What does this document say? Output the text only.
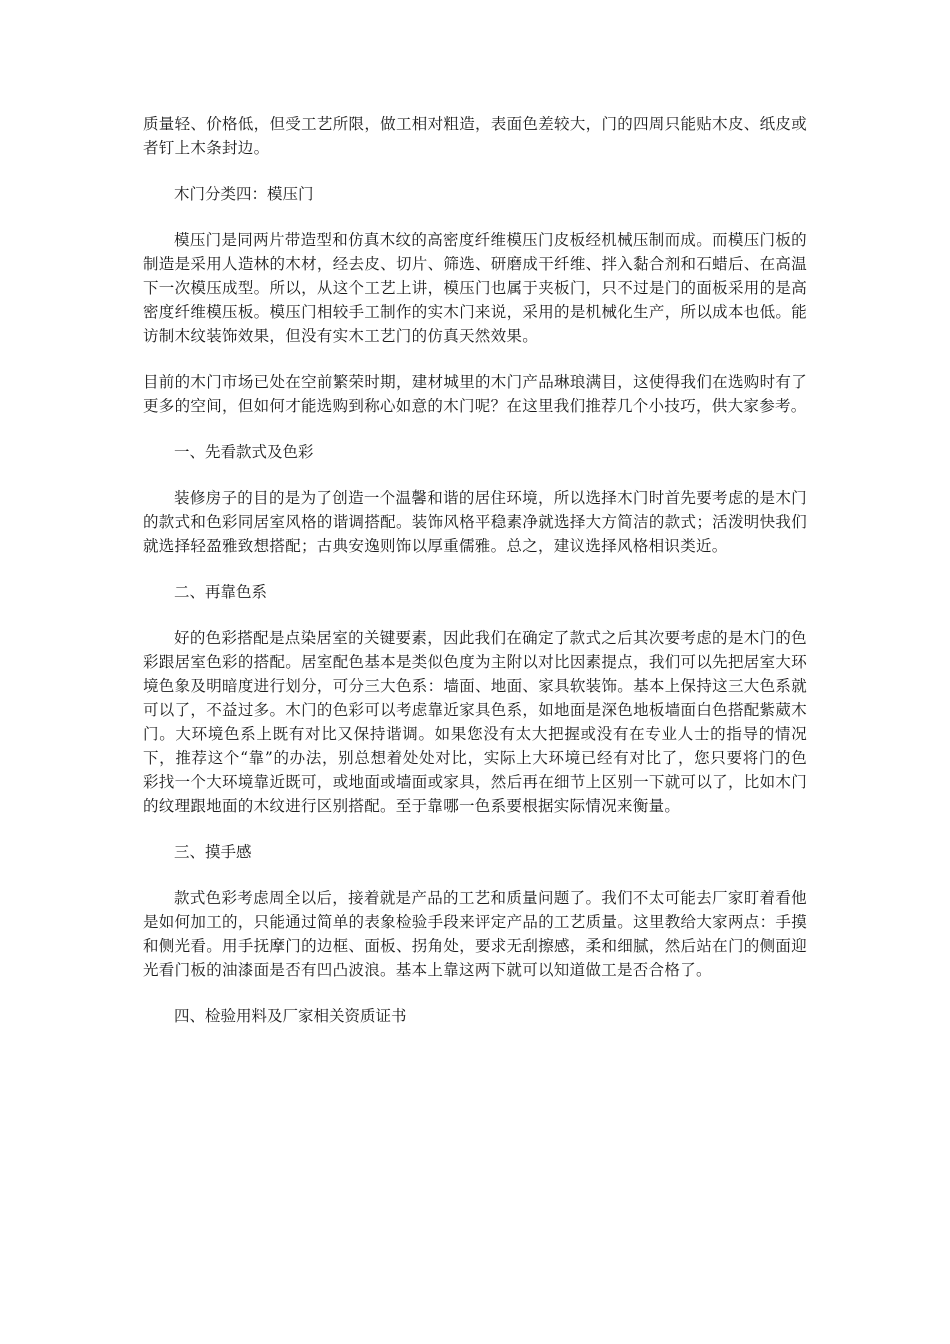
质量轻、价格低，但受工艺所限，做工相对粗造，表面色差较大，门的四周只能贴木皮、纸皮或者钉上木条封边。

木门分类四：模压门

模压门是同两片带造型和仿真木纹的高密度纤维模压门皮板经机械压制而成。而模压门板的制造是采用人造林的木材，经去皮、切片、筛选、研磨成干纤维、拌入黏合剂和石蜡后、在高温下一次模压成型。所以，从这个工艺上讲，模压门也属于夹板门，只不过是门的面板采用的是高密度纤维模压板。模压门相较手工制作的实木门来说，采用的是机械化生产，所以成本也低。能访制木纹装饰效果，但没有实木工艺门的仿真天然效果。

目前的木门市场已处在空前繁荣时期，建材城里的木门产品琳琅满目，这使得我们在选购时有了更多的空间，但如何才能选购到称心如意的木门呢？在这里我们推荐几个小技巧，供大家参考。

一、先看款式及色彩

装修房子的目的是为了创造一个温馨和谐的居住环境，所以选择木门时首先要考虑的是木门的款式和色彩同居室风格的谐调搭配。装饰风格平稳素净就选择大方简洁的款式；活泼明快我们就选择轻盈雅致想搭配；古典安逸则饰以厚重儒雅。总之，建议选择风格相识类近。

二、再靠色系

好的色彩搭配是点染居室的关键要素，因此我们在确定了款式之后其次要考虑的是木门的色彩跟居室色彩的搭配。居室配色基本是类似色度为主附以对比因素提点，我们可以先把居室大环境色象及明暗度进行划分，可分三大色系：墙面、地面、家具软装饰。基本上保持这三大色系就可以了，不益过多。木门的色彩可以考虑靠近家具色系，如地面是深色地板墙面白色搭配紫葳木门。大环境色系上既有对比又保持谐调。如果您没有太大把握或没有在专业人士的指导的情况下，推荐这个“靠”的办法，别总想着处处对比，实际上大环境已经有对比了，您只要将门的色彩找一个大环境靠近既可，或地面或墙面或家具，然后再在细节上区别一下就可以了，比如木门的纹理跟地面的木纹进行区别搭配。至于靠哪一色系要根据实际情况来衡量。

三、摸手感

款式色彩考虑周全以后，接着就是产品的工艺和质量问题了。我们不太可能去厂家盯着看他是如何加工的，只能通过简单的表象检验手段来评定产品的工艺质量。这里教给大家两点：手摸和侧光看。用手抚摩门的边框、面板、拐角处，要求无刮擦感，柔和细腻，然后站在门的侧面迎光看门板的油漆面是否有凹凸波浪。基本上靠这两下就可以知道做工是否合格了。

四、检验用料及厂家相关资质证书
